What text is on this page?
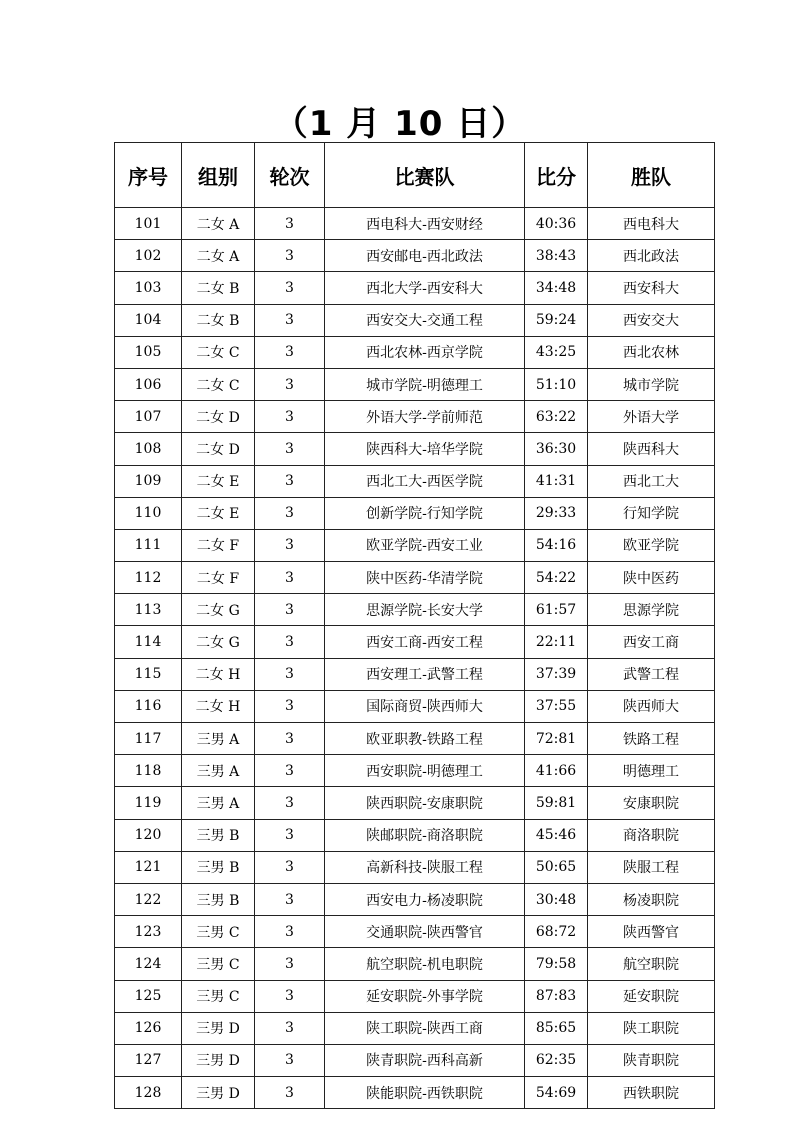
（1 月 10 日）
序号	组别	轮次	比赛队	比分	胜队
101	二女 A	3	西电科大-西安财经	40:36	西电科大
102	二女 A	3	西安邮电-西北政法	38:43	西北政法
103	二女 B	3	西北大学-西安科大	34:48	西安科大
104	二女 B	3	西安交大-交通工程	59:24	西安交大
105	二女 C	3	西北农林-西京学院	43:25	西北农林
106	二女 C	3	城市学院-明德理工	51:10	城市学院
107	二女 D	3	外语大学-学前师范	63:22	外语大学
108	二女 D	3	陕西科大-培华学院	36:30	陕西科大
109	二女 E	3	西北工大-西医学院	41:31	西北工大
110	二女 E	3	创新学院-行知学院	29:33	行知学院
111	二女 F	3	欧亚学院-西安工业	54:16	欧亚学院
112	二女 F	3	陕中医药-华清学院	54:22	陕中医药
113	二女 G	3	思源学院-长安大学	61:57	思源学院
114	二女 G	3	西安工商-西安工程	22:11	西安工商
115	二女 H	3	西安理工-武警工程	37:39	武警工程
116	二女 H	3	国际商贸-陕西师大	37:55	陕西师大
117	三男 A	3	欧亚职教-铁路工程	72:81	铁路工程
118	三男 A	3	西安职院-明德理工	41:66	明德理工
119	三男 A	3	陕西职院-安康职院	59:81	安康职院
120	三男 B	3	陕邮职院-商洛职院	45:46	商洛职院
121	三男 B	3	高新科技-陕服工程	50:65	陕服工程
122	三男 B	3	西安电力-杨凌职院	30:48	杨凌职院
123	三男 C	3	交通职院-陕西警官	68:72	陕西警官
124	三男 C	3	航空职院-机电职院	79:58	航空职院
125	三男 C	3	延安职院-外事学院	87:83	延安职院
126	三男 D	3	陕工职院-陕西工商	85:65	陕工职院
127	三男 D	3	陕青职院-西科高新	62:35	陕青职院
128	三男 D	3	陕能职院-西铁职院	54:69	西铁职院
